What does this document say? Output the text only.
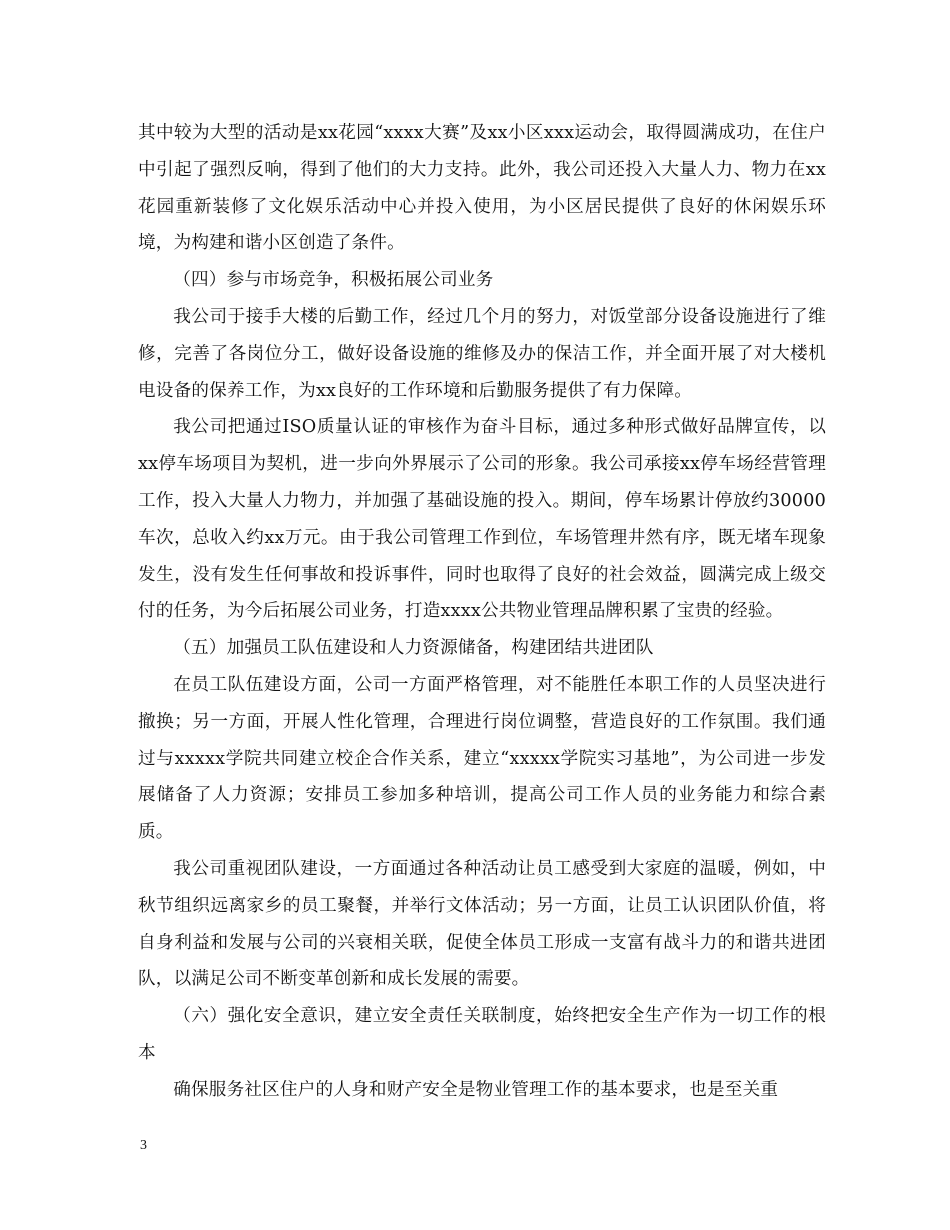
其中较为大型的活动是xx花园“xxxx大赛”及xx小区xxx运动会，取得圆满成功，在住户中引起了强烈反响，得到了他们的大力支持。此外，我公司还投入大量人力、物力在xx花园重新装修了文化娱乐活动中心并投入使用，为小区居民提供了良好的休闲娱乐环境，为构建和谐小区创造了条件。

（四）参与市场竞争，积极拓展公司业务

我公司于接手大楼的后勤工作，经过几个月的努力，对饭堂部分设备设施进行了维修，完善了各岗位分工，做好设备设施的维修及办的保洁工作，并全面开展了对大楼机电设备的保养工作，为xx良好的工作环境和后勤服务提供了有力保障。

我公司把通过ISO质量认证的审核作为奋斗目标，通过多种形式做好品牌宣传，以xx停车场项目为契机，进一步向外界展示了公司的形象。我公司承接xx停车场经营管理工作，投入大量人力物力，并加强了基础设施的投入。期间，停车场累计停放约30000车次，总收入约xx万元。由于我公司管理工作到位，车场管理井然有序，既无堵车现象发生，没有发生任何事故和投诉事件，同时也取得了良好的社会效益，圆满完成上级交付的任务，为今后拓展公司业务，打造xxxx公共物业管理品牌积累了宝贵的经验。

（五）加强员工队伍建设和人力资源储备，构建团结共进团队

在员工队伍建设方面，公司一方面严格管理，对不能胜任本职工作的人员坚决进行撤换；另一方面，开展人性化管理，合理进行岗位调整，营造良好的工作氛围。我们通过与xxxxx学院共同建立校企合作关系，建立“xxxxx学院实习基地”，为公司进一步发展储备了人力资源；安排员工参加多种培训，提高公司工作人员的业务能力和综合素质。

我公司重视团队建设，一方面通过各种活动让员工感受到大家庭的温暖，例如，中秋节组织远离家乡的员工聚餐，并举行文体活动；另一方面，让员工认识团队价值，将自身利益和发展与公司的兴衰相关联，促使全体员工形成一支富有战斗力的和谐共进团队，以满足公司不断变革创新和成长发展的需要。

（六）强化安全意识，建立安全责任关联制度，始终把安全生产作为一切工作的根本

确保服务社区住户的人身和财产安全是物业管理工作的基本要求，也是至关重

3
